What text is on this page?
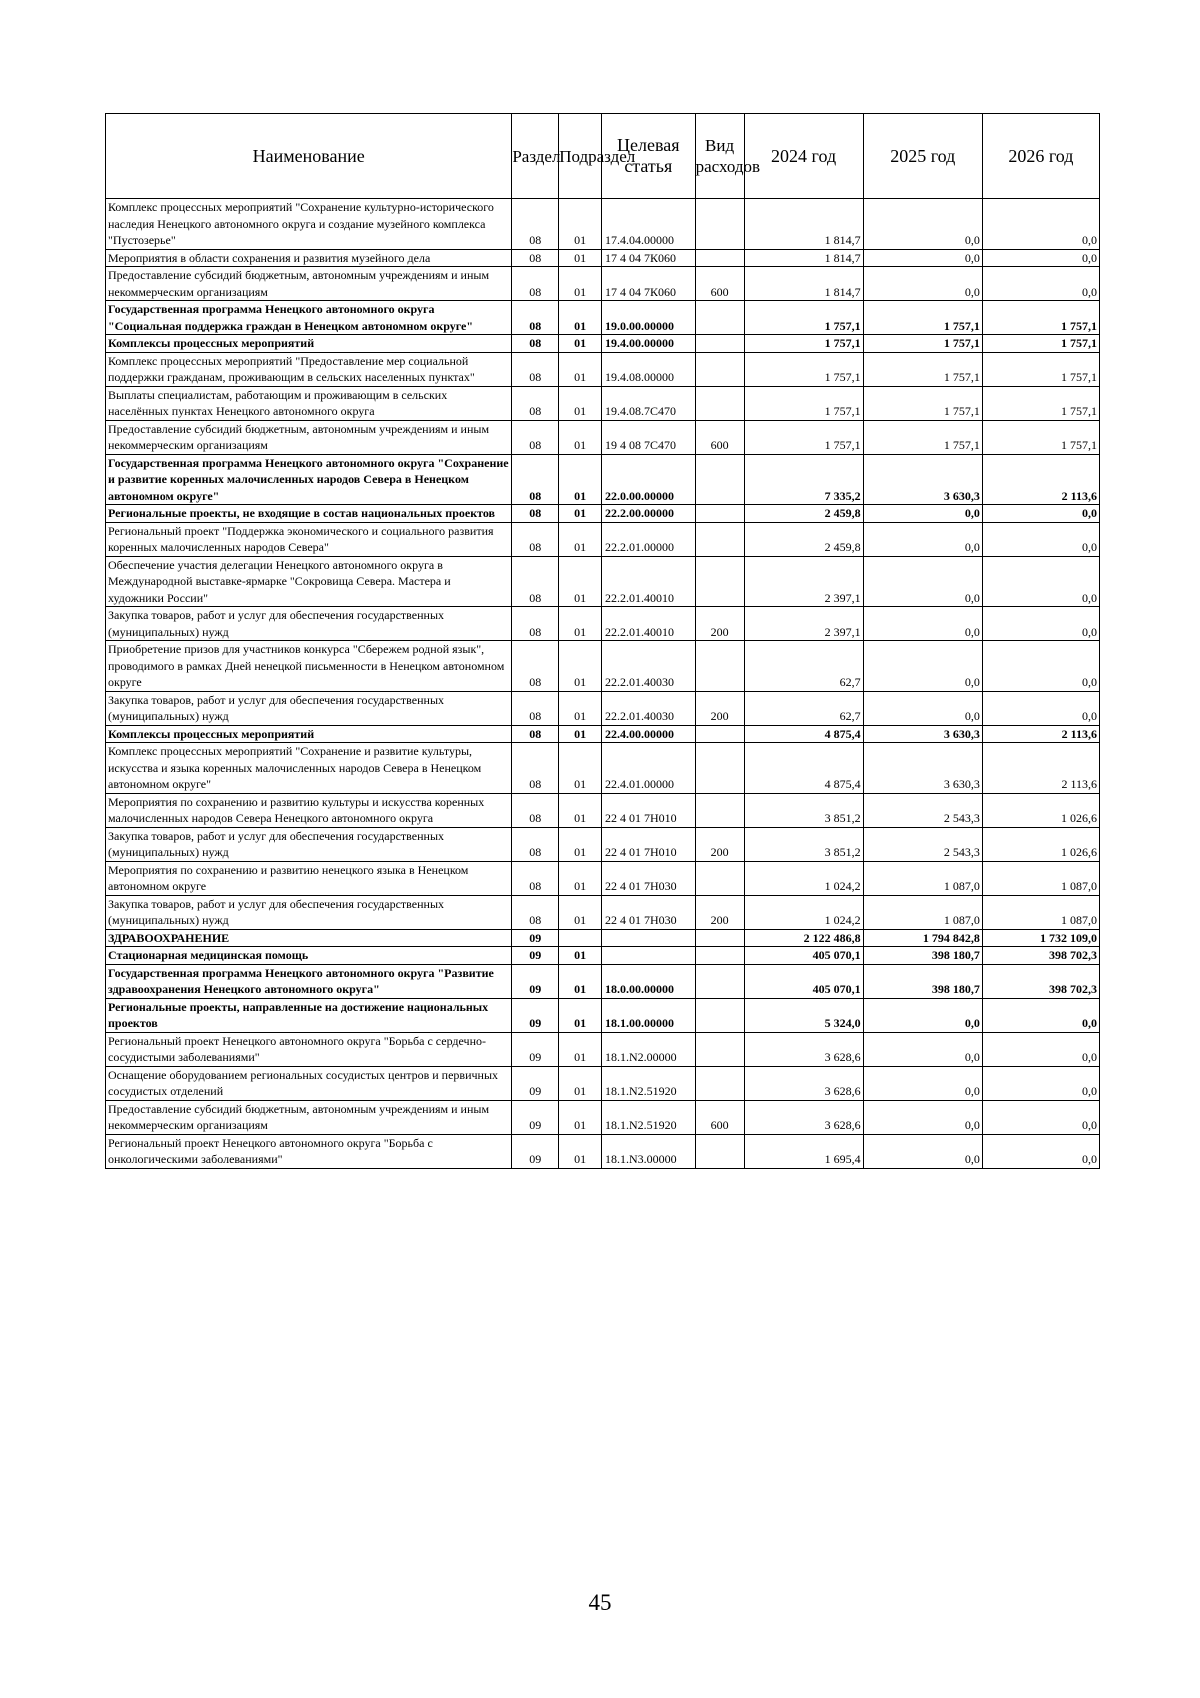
Наименование	Раздел	Подраздел	Целевая статья	Вид расходов	2024 год	2025 год	2026 год
Комплекс процессных мероприятий "Сохранение культурно-исторического наследия Ненецкого автономного округа и создание музейного комплекса "Пустозерье"	08	01	17.4.04.00000		1 814,7	0,0	0,0
Мероприятия в области сохранения и развития музейного дела	08	01	17 4 04 7К060		1 814,7	0,0	0,0
Предоставление субсидий бюджетным, автономным учреждениям и иным некоммерческим организациям	08	01	17 4 04 7К060	600	1 814,7	0,0	0,0
Государственная программа Ненецкого автономного округа "Социальная поддержка граждан в Ненецком автономном округе"	08	01	19.0.00.00000		1 757,1	1 757,1	1 757,1
Комплексы процессных мероприятий	08	01	19.4.00.00000		1 757,1	1 757,1	1 757,1
Комплекс процессных мероприятий "Предоставление мер социальной поддержки гражданам, проживающим в сельских населенных пунктах"	08	01	19.4.08.00000		1 757,1	1 757,1	1 757,1
Выплаты специалистам, работающим и проживающим в сельских населённых пунктах Ненецкого автономного округа	08	01	19.4.08.7С470		1 757,1	1 757,1	1 757,1
Предоставление субсидий бюджетным, автономным учреждениям и иным некоммерческим организациям	08	01	19 4 08 7С470	600	1 757,1	1 757,1	1 757,1
Государственная программа Ненецкого автономного округа "Сохранение и развитие коренных малочисленных народов Севера в Ненецком автономном округе"	08	01	22.0.00.00000		7 335,2	3 630,3	2 113,6
Региональные проекты, не входящие в состав национальных проектов	08	01	22.2.00.00000		2 459,8	0,0	0,0
Региональный проект "Поддержка экономического и социального развития коренных малочисленных народов Севера"	08	01	22.2.01.00000		2 459,8	0,0	0,0
Обеспечение участия делегации Ненецкого автономного округа в Международной выставке-ярмарке "Сокровища Севера. Мастера и художники России"	08	01	22.2.01.40010		2 397,1	0,0	0,0
Закупка товаров, работ и услуг для обеспечения государственных (муниципальных) нужд	08	01	22.2.01.40010	200	2 397,1	0,0	0,0
Приобретение призов для участников конкурса "Сбережем родной язык", проводимого в рамках Дней ненецкой письменности в Ненецком автономном округе	08	01	22.2.01.40030		62,7	0,0	0,0
Закупка товаров, работ и услуг для обеспечения государственных (муниципальных) нужд	08	01	22.2.01.40030	200	62,7	0,0	0,0
Комплексы процессных мероприятий	08	01	22.4.00.00000		4 875,4	3 630,3	2 113,6
Комплекс процессных мероприятий "Сохранение и развитие культуры, искусства и языка коренных малочисленных народов Севера в Ненецком автономном округе"	08	01	22.4.01.00000		4 875,4	3 630,3	2 113,6
Мероприятия по сохранению и развитию культуры и искусства коренных малочисленных народов Севера Ненецкого автономного округа	08	01	22 4 01 7Н010		3 851,2	2 543,3	1 026,6
Закупка товаров, работ и услуг для обеспечения государственных (муниципальных) нужд	08	01	22 4 01 7Н010	200	3 851,2	2 543,3	1 026,6
Мероприятия по сохранению и развитию ненецкого языка в Ненецком автономном округе	08	01	22 4 01 7Н030		1 024,2	1 087,0	1 087,0
Закупка товаров, работ и услуг для обеспечения государственных (муниципальных) нужд	08	01	22 4 01 7Н030	200	1 024,2	1 087,0	1 087,0
ЗДРАВООХРАНЕНИЕ	09				2 122 486,8	1 794 842,8	1 732 109,0
Стационарная медицинская помощь	09	01			405 070,1	398 180,7	398 702,3
Государственная программа Ненецкого автономного округа "Развитие здравоохранения Ненецкого автономного округа"	09	01	18.0.00.00000		405 070,1	398 180,7	398 702,3
Региональные проекты, направленные на достижение национальных проектов	09	01	18.1.00.00000		5 324,0	0,0	0,0
Региональный проект Ненецкого автономного округа "Борьба с сердечно-сосудистыми заболеваниями"	09	01	18.1.N2.00000		3 628,6	0,0	0,0
Оснащение оборудованием региональных сосудистых центров и первичных сосудистых отделений	09	01	18.1.N2.51920		3 628,6	0,0	0,0
Предоставление субсидий бюджетным, автономным учреждениям и иным некоммерческим организациям	09	01	18.1.N2.51920	600	3 628,6	0,0	0,0
Региональный проект Ненецкого автономного округа "Борьба с онкологическими заболеваниями"	09	01	18.1.N3.00000		1 695,4	0,0	0,0
45
